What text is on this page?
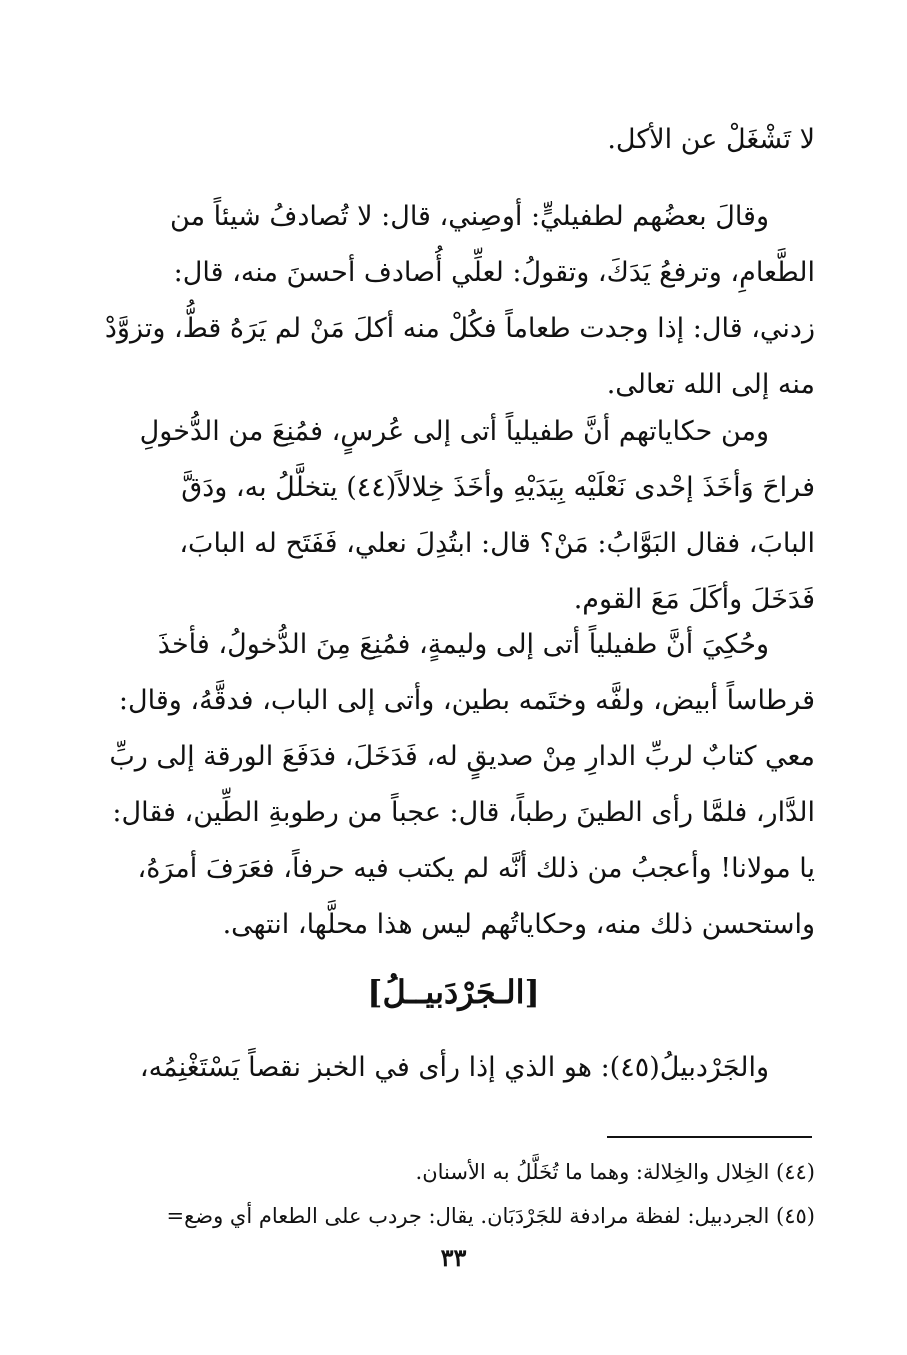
لا تَشْغَلْ عن الأكل.
وقالَ بعضُهم لطفيليٍّ: أوصِني، قال: لا تُصادفُ شيئاً من
الطَّعامِ، وترفعُ يَدَكَ، وتقولُ: لعلِّي أُصادف أحسنَ منه، قال:
زدني، قال: إذا وجدت طعاماً فكُلْ منه أكلَ مَنْ لم يَرَهُ قطُّ، وتزوَّدْ
منه إلى الله تعالى.
ومن حكاياتهم أنَّ طفيلياً أتى إلى عُرسٍ، فمُنِعَ من الدُّخولِ
فراحَ وَأخَذَ إحْدى نَعْلَيْه بِيَدَيْهِ وأخَذَ خِلالاً(٤٤) يتخلَّلُ به، ودَقَّ
البابَ، فقال البَوَّابُ: مَنْ؟ قال: ابتُدِلَ نعلي، فَفَتَح له البابَ،
فَدَخَلَ وأكَلَ مَعَ القوم.
وحُكِيَ أنَّ طفيلياً أتى إلى وليمةٍ، فمُنِعَ مِنَ الدُّخولُ، فأخذَ
قرطاساً أبيض، ولفَّه وختَمه بطين، وأتى إلى الباب، فدقَّهُ، وقال:
معي كتابٌ لربِّ الدارِ مِنْ صديقٍ له، فَدَخَلَ، فدَفَعَ الورقة إلى ربِّ
الدَّار، فلمَّا رأى الطينَ رطباً، قال: عجباً من رطوبةِ الطِّين، فقال:
يا مولانا! وأعجبُ من ذلك أنَّه لم يكتب فيه حرفاً، فعَرَفَ أمرَهُ،
واستحسن ذلك منه، وحكاياتُهم ليس هذا محلَّها، انتهى.
[الـجَرْدَبيــلُ]
والجَرْدبيلُ(٤٥): هو الذي إذا رأى في الخبز نقصاً يَسْتَغْنِمُه،
(٤٤) الخِلال والخِلالة: وهما ما تُخَلَّلُ به الأسنان.
(٤٥) الجردبيل: لفظة مرادفة للجَرْدَبَان. يقال: جردب على الطعام أي وضع=
٣٣
